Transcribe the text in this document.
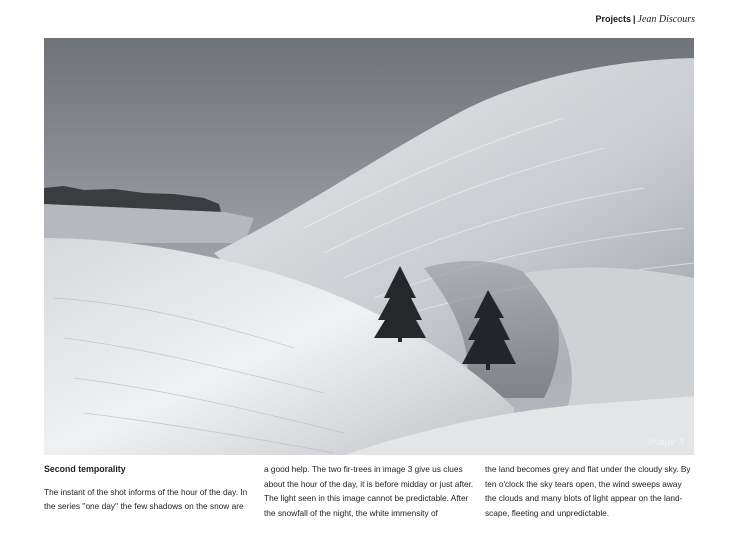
Projects | Jean Discours
Image 3

Second temporality

The instant of the shot informs of the hour of the day. In the series ''one day'' the few shadows on the snow are

a good help. The two fir-trees in image 3 give us clues about the hour of the day, it is before midday or just after. The light seen in this image cannot be predictable. After the snowfall of the night, the white immensity of

the land becomes grey and flat under the cloudy sky. By ten o'clock the sky tears open, the wind sweeps away the clouds and many blots of light appear on the land-scape, fleeting and unpredictable.
